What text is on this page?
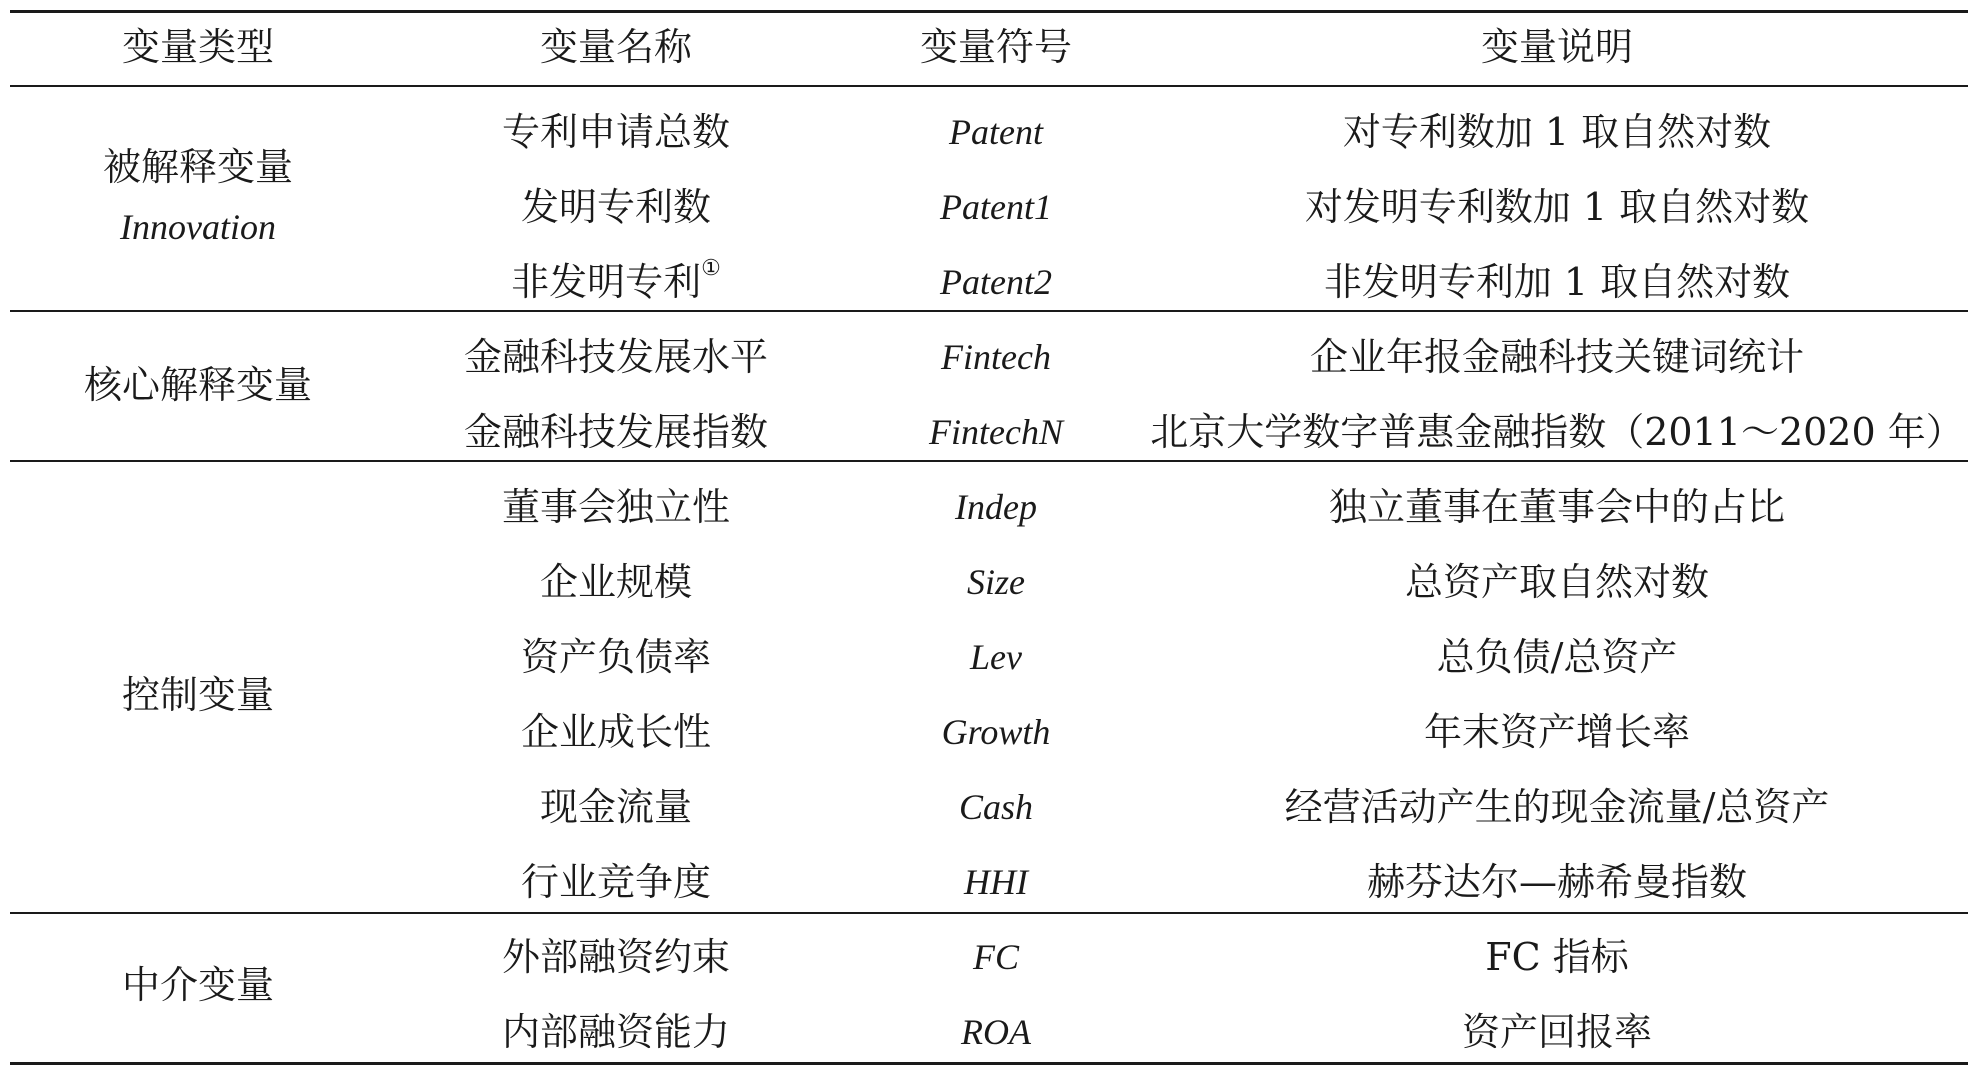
变量类型	变量名称	变量符号	变量说明
被解释变量
Innovation
专利申请总数	Patent	对专利数加 1 取自然对数
发明专利数	Patent1	对发明专利数加 1 取自然对数
非发明专利①	Patent2	非发明专利加 1 取自然对数
核心解释变量
金融科技发展水平	Fintech	企业年报金融科技关键词统计
金融科技发展指数	FintechN	北京大学数字普惠金融指数（2011～2020 年）
控制变量
董事会独立性	Indep	独立董事在董事会中的占比
企业规模	Size	总资产取自然对数
资产负债率	Lev	总负债/总资产
企业成长性	Growth	年末资产增长率
现金流量	Cash	经营活动产生的现金流量/总资产
行业竞争度	HHI	赫芬达尔—赫希曼指数
中介变量
外部融资约束	FC	FC 指标
内部融资能力	ROA	资产回报率
